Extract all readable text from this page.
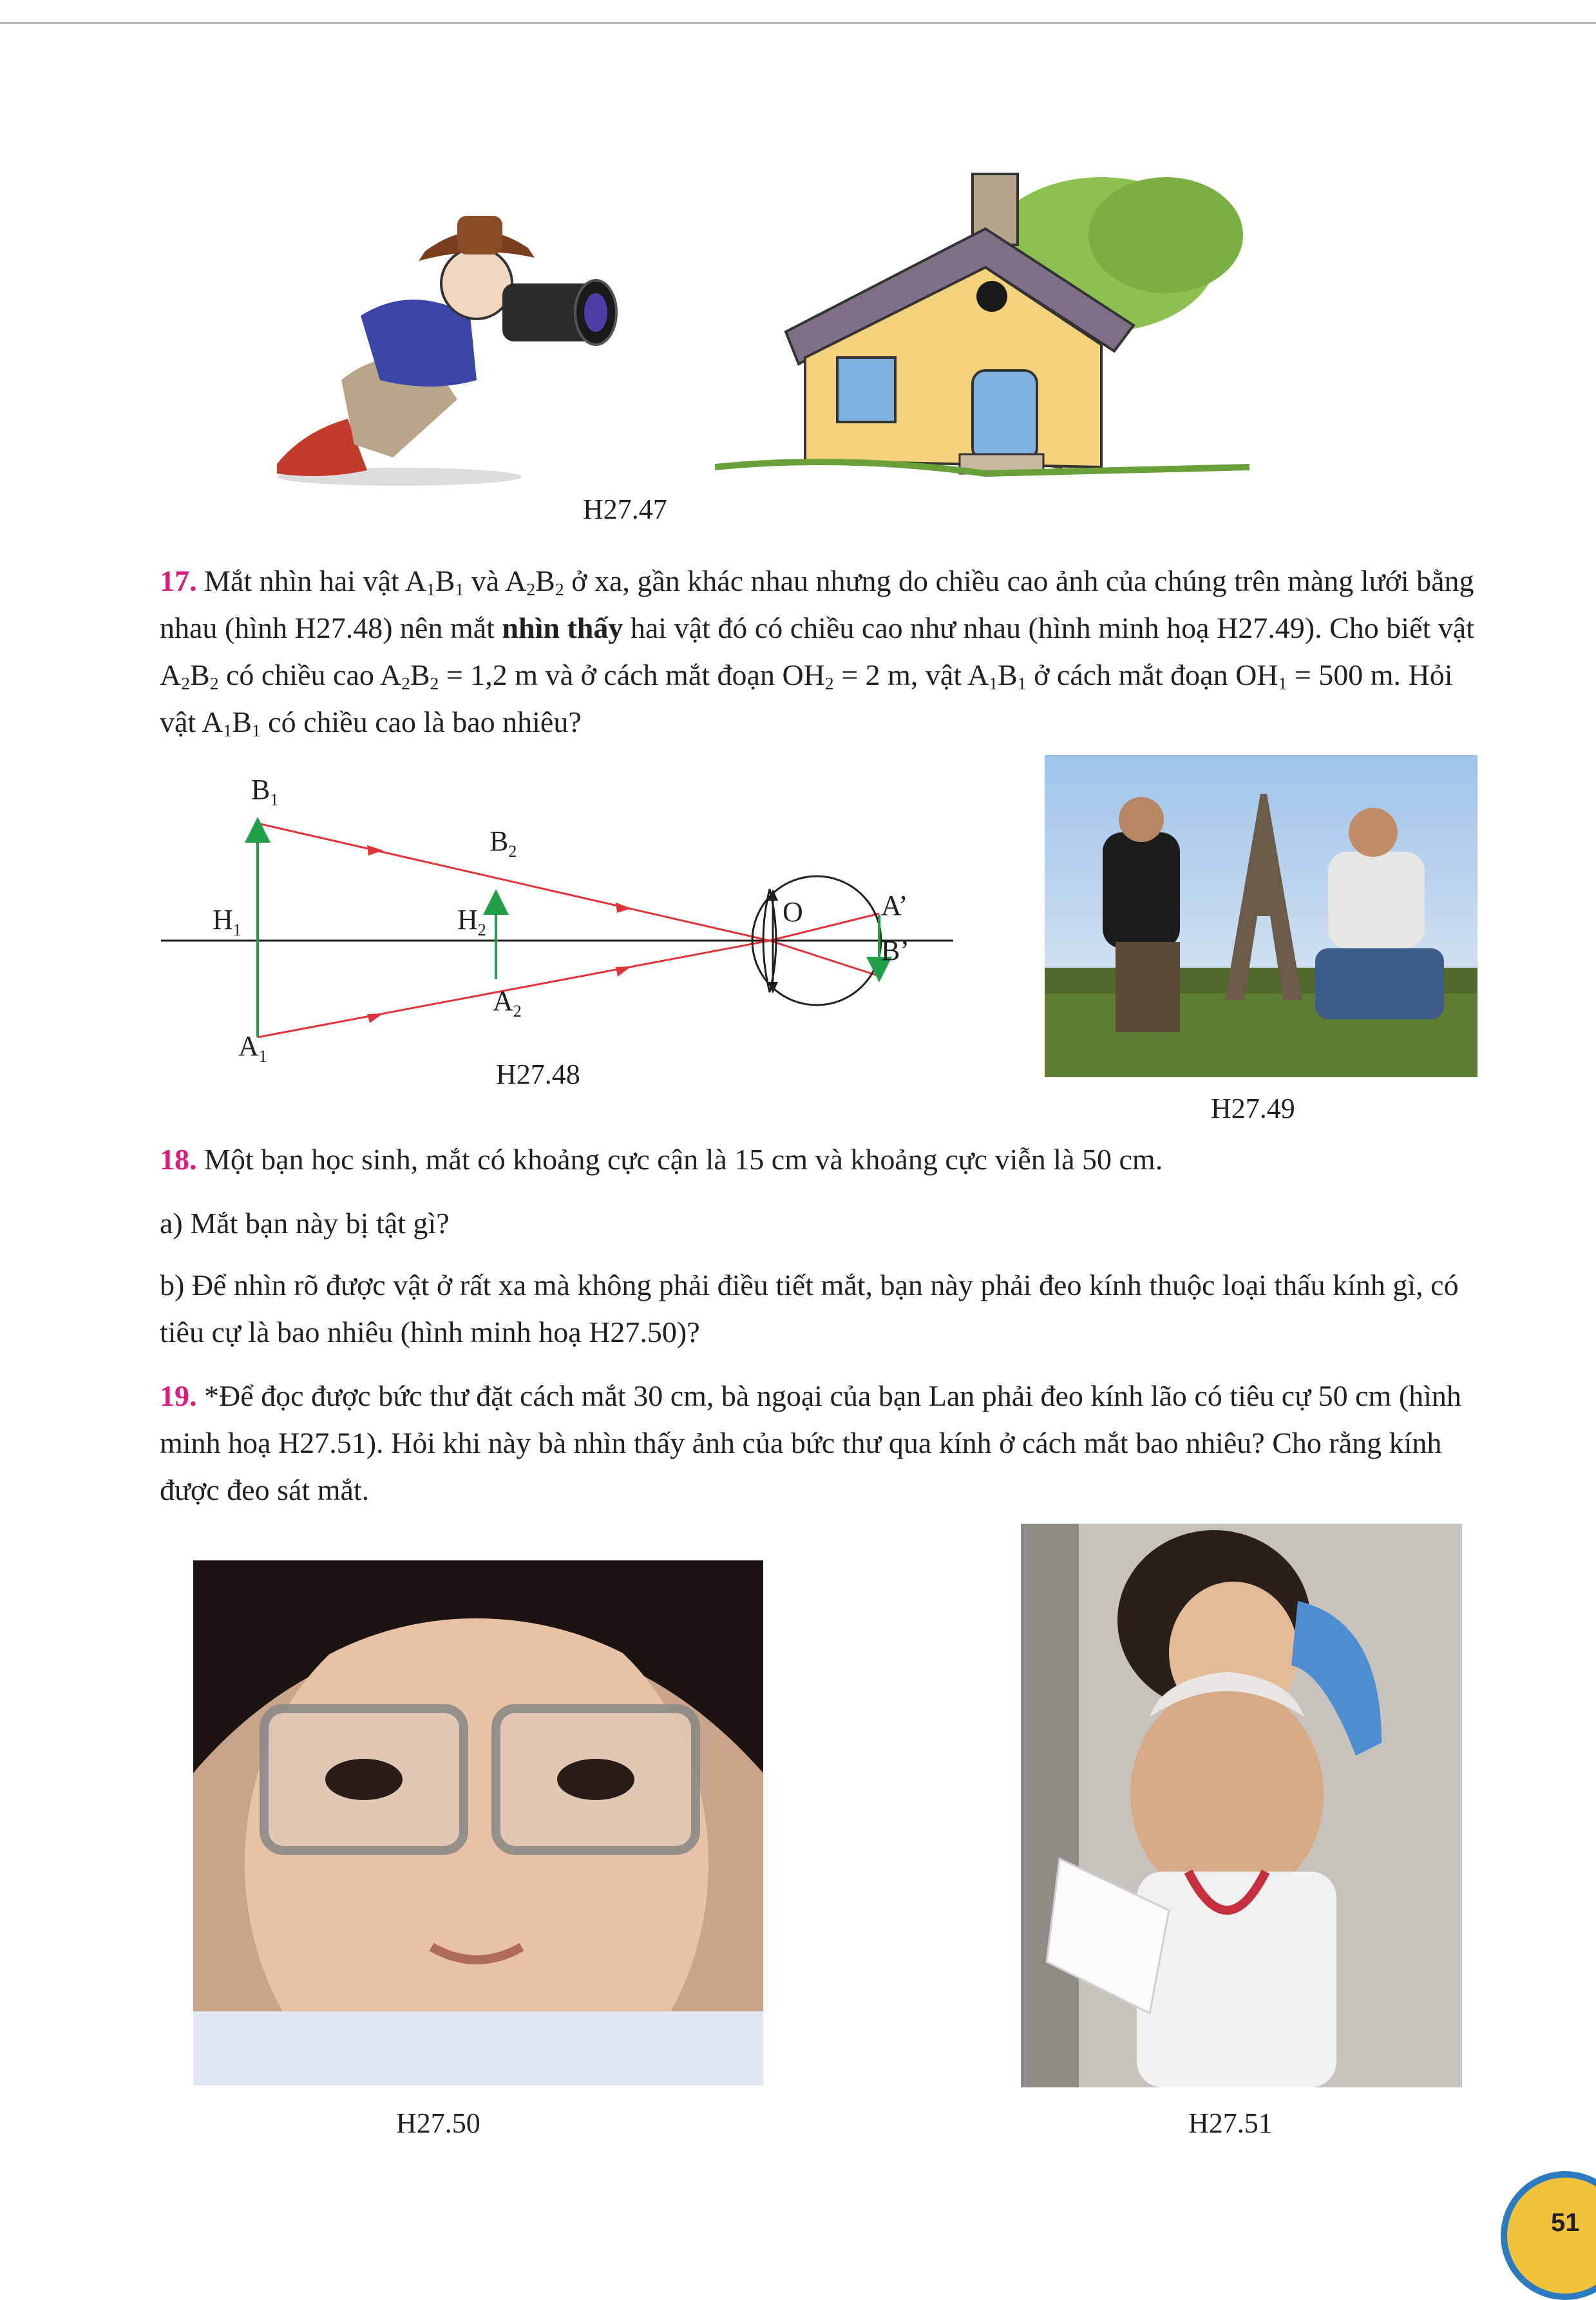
H27.47

17. Mắt nhìn hai vật $A_1B_1$ và $A_2B_2$ ở xa, gần khác nhau nhưng do chiều cao ảnh của chúng trên màng lưới bằng nhau (hình H27.48) nên mắt nhìn thấy hai vật đó có chiều cao như nhau (hình minh hoạ H27.49). Cho biết vật $A_2B_2$ có chiều cao $A_2B_2 = 1,2$ m và ở cách mắt đoạn $OH_2 = 2$ m, vật $A_1B_1$ ở cách mắt đoạn $OH_1 = 500$ m. Hỏi vật $A_1B_1$ có chiều cao là bao nhiêu?

$B_1$
$B_2$
$H_1$	$H_2$
$A_1$
$A_2$
O	A’
B’
H27.48
H27.49

18. Một bạn học sinh, mắt có khoảng cực cận là 15 cm và khoảng cực viễn là 50 cm.

a) Mắt bạn này bị tật gì?

b) Để nhìn rõ được vật ở rất xa mà không phải điều tiết mắt, bạn này phải đeo kính thuộc loại thấu kính gì, có tiêu cự là bao nhiêu (hình minh hoạ H27.50)?

19. *Để đọc được bức thư đặt cách mắt 30 cm, bà ngoại của bạn Lan phải đeo kính lão có tiêu cự 50 cm (hình minh hoạ H27.51). Hỏi khi này bà nhìn thấy ảnh của bức thư qua kính ở cách mắt bao nhiêu? Cho rằng kính được đeo sát mắt.

H27.50	H27.51
51
